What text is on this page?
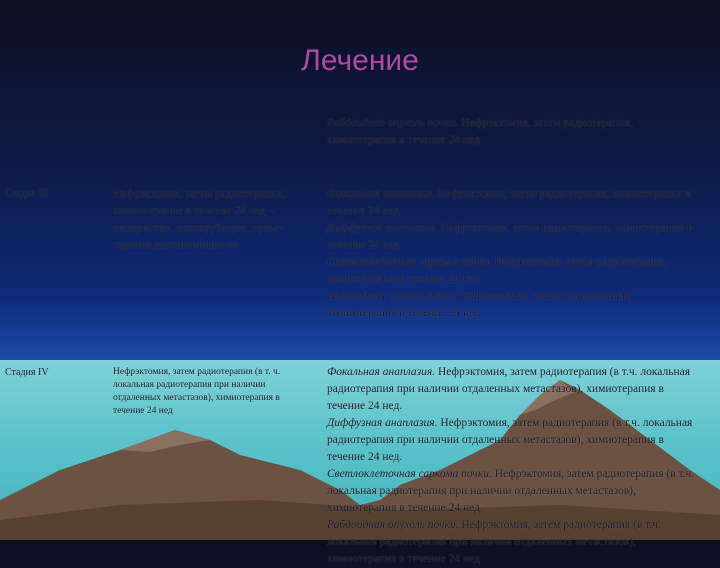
Лечение
Рабдоидная опухоль почки. Нефрэктомия, затем радиотерапия, химиотерапия в течение 24 нед
Стадия III	Нефрэктомия, затем радиотерапия, химиотерапия в течение 24 нед – винкристин, доксорубицин, пульс-терапия дактиномицином.
Фокальная анаплазия. Нефрэктомия, затем радиотерапия, химиотерапия в течение 24 нед.
Диффузная анаплазия. Нефрэктомия, затем радиотерапия, химиотерапия в течение 24 нед.
Светлоклеточная саркома почки. Нефрэктомия, затем радиотерапия, химиотерапия в течение 24 нед.
Рабдоидная опухоль почки. Нефрэктомия, затем радиотерапия, химиотерапия в течение 24 нед
Стадия IV	Нефрэктомия, затем радиотерапия (в т. ч. локальная радиотерапия при наличии отдаленных метастазов), химиотерапия в течение 24 нед
Фокальная анаплазия. Нефрэктомия, затем радиотерапия (в т.ч. локальная радиотерапия при наличии отдаленных метастазов), химиотерапия в течение 24 нед.
Диффузная анаплазия. Нефрэктомия, затем радиотерапия (в т.ч. локальная радиотерапия при наличии отдаленных метастазов), химиотерапия в течение 24 нед.
Светлоклеточная саркома почки. Нефрэктомия, затем радиотерапия (в т.ч. локальная радиотерапия при наличии отдаленных метастазов), химиотерапия в течение 24 нед.
Рабдоидная опухоль почки. Нефрэктомия, затем радиотерапия (в т.ч. локальная радиотерапия при наличии отдаленных метастазов), химиотерапия в течение 24 нед
